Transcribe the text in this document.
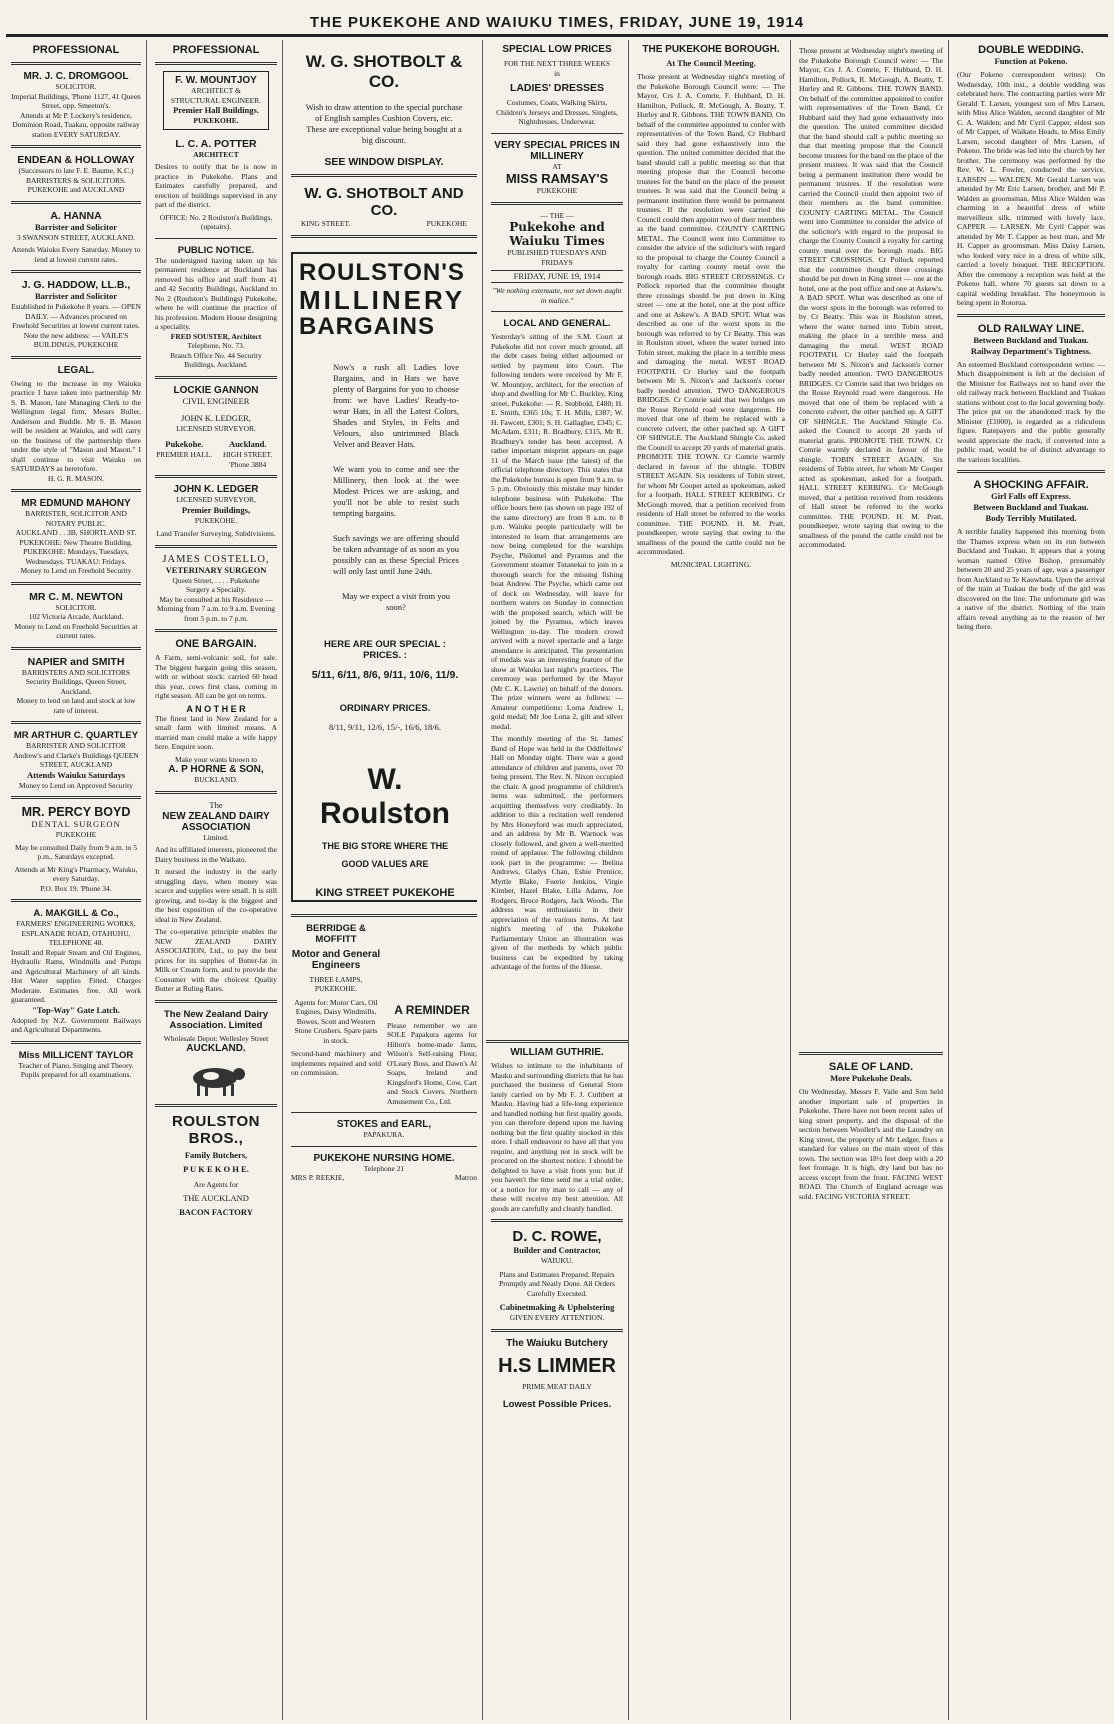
THE PUKEKOHE AND WAIUKU TIMES, FRIDAY, JUNE 19, 1914
PROFESSIONAL
MR. J. C. DROMGOOL
SOLICITOR.
Imperial Buildings, 'Phone 1127, 41 Queen Street, opp. Smeeton's.
Attends at Mr P. Lockery's residence, Dominion Road, Tuakau, opposite railway station EVERY SATURDAY.
ENDEAN & HOLLOWAY
(Successors to late F. E. Baume, K.C.)
BARRISTERS & SOLICITORS.
PUKEKOHE and AUCKLAND
A. HANNA
Barrister and Solicitor
3 SWANSON STREET, AUCKLAND.
Attends Waiuku Every Saturday. Money to lend at lowest current rates.
J. G. HADDOW, LL.B.,
Barrister and Solicitor
Established in Pukekohe 8 years. — OPEN DAILY. — Advances procured on Freehold Securities at lowest current rates. Note the new address: — VAILE'S BUILDINGS, PUKEKOHE
LEGAL.
Owing to the increase in my Waiuku practice I have taken into partnership Mr S. B. Mason, late Managing Clerk to the Wellington legal firm, Messrs Buller, Anderson and Buddle. Mr S. B. Mason will be resident at Waiuku, and will carry on the business of the partnership there under the style of "Mason and Mason." I shall continue to visit Waiuku on SATURDAYS as heretofore.
H. G. R. MASON.
MR EDMUND MAHONY
BARRISTER, SOLICITOR AND NOTARY PUBLIC.
AUCKLAND . . 3B, SHORTLAND ST.
PUKEKOHE: New Theatre Building. PUKEKOHE: Mondays, Tuesdays, Wednesdays. TUAKAU: Fridays.
Money to Lend on Freehold Security
MR C. M. NEWTON
SOLICITOR.
102 Victoria Arcade, Auckland.
Money to Lend on Freehold Securities at current rates.
NAPIER and SMITH
BARRISTERS AND SOLICITORS
Security Buildings, Queen Street, Auckland.
Money to lend on land and stock at low rate of interest.
MR ARTHUR C. QUARTLEY
BARRISTER AND SOLICITOR
Andrew's and Clarke's Buildings QUEEN STREET, AUCKLAND
Attends Waiuku Saturdays
Money to Lend on Approved Security
MR. PERCY BOYD
DENTAL SURGEON
PUKEKOHE
May be consulted Daily from 9 a.m. to 5 p.m., Saturdays excepted.
Attends at Mr King's Pharmacy, Waiuku, every Saturday.
P.O. Box 19. 'Phone 34.
A. MAKGILL & Co.,
FARMERS' ENGINEERING WORKS, ESPLANADE ROAD, OTAHUHU, TELEPHONE 48.
Install and Repair Steam and Oil Engines, Hydraulic Rams, Windmills and Pumps and Agricultural Machinery of all kinds. Hot Water supplies Fitted. Charges Moderate. Estimates free. All work guaranteed.
"Top-Way" Gate Latch.
Adopted by N.Z. Government Railways and Agricultural Departments.
Miss MILLICENT TAYLOR
Teacher of Piano, Singing and Theory. Pupils prepared for all examinations.
PROFESSIONAL
F. W. MOUNTJOY
ARCHITECT & STRUCTURAL ENGINEER.
Premier Hall Buildings.
PUKEKOHE.
L. C. A. POTTER
ARCHITECT
Desires to notify that he is now in practice in Pukekohe. Plans and Estimates carefully prepared, and erection of buildings supervised in any part of the district.
OFFICE: No. 2 Roulston's Buildings, (upstairs).
PUBLIC NOTICE.
The undersigned having taken up his permanent residence at Buckland has removed his office and staff from 41 and 42 Security Buildings, Auckland to No 2 (Roulston's Buildings) Pukekohe, where he will continue the practice of his profession. Modern House designing a speciality.
FRED SOUSTER, Architect
Telephone, No. 73.
Branch Office No. 44 Security Buildings, Auckland.
LOCKIE GANNON
CIVIL ENGINEER
JOHN K. LEDGER,
LICENSED SURVEYOR.
Pukekohe.
PREMIER HALL.
Auckland.
HIGH STREET. 'Phone 3884
JOHN K. LEDGER
LICENSED SURVEYOR,
Premier Buildings,
PUKEKOHE.
Land Transfer Surveying, Subdivisions.
JAMES COSTELLO,
VETERINARY SURGEON
Queen Street, . . . . Pukekohe
Surgery a Specialty.
May be consulted at his Residence — Morning from 7 a.m. to 9 a.m. Evening from 5 p.m. to 7 p.m.
ONE BARGAIN.
A Farm, semi-volcanic soil, for sale. The biggest bargain going this season, with or without stock: carried 60 head this year, cows first class, coming in right season. All can be got on terms.
A N O T H E R
The finest land in New Zealand for a small farm with limited means. A married man could make a wife happy here. Enquire soon.
Make your wants known to
A. P HORNE & SON,
BUCKLAND.
The
NEW ZEALAND DAIRY ASSOCIATION
Limited.
And its affiliated interests, pioneered the Dairy business in the Waikato.
It nursed the industry in the early struggling days, when money was scarce and supplies were small. It is still growing, and to-day is the biggest and the best exposition of the co-operative ideal in New Zealand.
The co-operative principle enables the NEW ZEALAND DAIRY ASSOCIATION, Ltd., to pay the best prices for its supplies of Butter-fat in Milk or Cream form, and to provide the Consumer with the choicest Quality Butter at Ruling Rates.
The New Zealand Dairy Association. Limited
Wholesale Depot: Wellesley Street
AUCKLAND.
ROULSTON BROS.,
Family Butchers,
P U K E K O H E.
Are Agents for
THE AUCKLAND
BACON FACTORY
W. G. SHOTBOLT & CO.
Wish to draw attention to the special purchase of English samples Cushion Covers, etc. These are exceptional value being bought at a big discount.
SEE WINDOW DISPLAY.
W. G. SHOTBOLT AND CO.
KING STREET.	PUKEKOHE
ROULSTON'S
MILLINERY
BARGAINS
Now's a rush all Ladies love Bargains, and in Hats we have plenty of Bargains for you to choose from: we have Ladies' Ready-to-wear Hats, in all the Latest Colors, Shades and Styles, in Felts and Velours, also untrimmed Black Velvet and Beaver Hats.
We want you to come and see the Millinery, then look at the wee Modest Prices we are asking, and you'll not be able to resist such tempting bargains.
Such savings we are offering should be taken advantage of as soon as you possibly can as these Special Prices will only last until June 24th.
May we expect a visit from you soon?
HERE ARE OUR SPECIAL : PRICES. :
5/11, 6/11, 8/6, 9/11, 10/6, 11/9.
ORDINARY PRICES.
8/11, 9/11, 12/6, 15/-, 16/6, 18/6.
W. Roulston
THE BIG STORE WHERE THE
GOOD VALUES ARE
KING STREET PUKEKOHE
BERRIDGE & MOFFITT
Motor and General Engineers
THREE LAMPS, PUKEKOHE.
Agents for: Motor Cars, Oil Engines, Daisy Windmills, Bowes, Scott and Western Stone Crushers. Spare parts in stock.
Second-hand machinery and implements repaired and sold on commission.
A REMINDER
Please remember we are SOLE Papakura agents for Hilton's home-made Jams, Wilson's Self-raising Flour, O'Leary Boss, and Dawn's Al Soaps, Ireland and Kingsford's Home, Cow, Cart and Stock Covers. Northern Amusement Co., Ltd.
STOKES and EARL,
PAPAKURA.
PUKEKOHE NURSING HOME.
Telephone 21
MRS P. REEKIE,	Matron
SPECIAL LOW PRICES
FOR THE NEXT THREE WEEKS
in
LADIES' DRESSES
Costumes, Coats, Walking Skirts, Children's Jerseys and Dresses, Singlets, Nightdresses, Underwear.
VERY SPECIAL PRICES IN MILLINERY
AT
MISS RAMSAY'S
PUKEKOHE
— THE —
Pukekohe and Waiuku Times
PUBLISHED TUESDAYS AND FRIDAYS
FRIDAY, JUNE 19, 1914
"We nothing extenuate, nor set down aught in malice."
LOCAL AND GENERAL.
Yesterday's sitting of the S.M. Court at Pukekohe did not cover much ground, all the debt cases being either adjourned or settled by payment into Court. The following tenders were received by Mr F. W. Mountjoy, architect, for the erection of shop and dwelling for Mr C. Buckley, King street, Pukekohe: — R. Stobbold, £480; H. E. Smith, £365 10s; T. H. Mills, £387; W. H. Fawcett, £301; S. H. Gallagher, £345; C. McAdam, £311; R. Bradbury, £315, Mr R. Bradbury's tender has been accepted. A rather important misprint appears on page 11 of the March issue (the latest) of the official telephone directory. This states that the Pukekohe bureau is open from 9 a.m. to 5 p.m. Obviously this mistake may hinder telephone business with Pukekohe. The office hours here (as shown on page 192 of the same directory) are from 8 a.m. to 8 p.m. Waiuku people particularly will be interested to learn that arrangements are now being completed for the warships Psyche, Philomel and Pyramus and the Government steamer Tutanekai to join in a thorough search for the missing fishing boat Andrew. The Psyche, which came out of dock on Wednesday, will leave for northern waters on Sunday in connection with the proposed search, which will be joined by the Pyramus, which leaves Wellington to-day. The modern crowd arrived with a novel spectacle and a large attendance is anticipated. The presentation of medals was an interesting feature of the show at Waiuku last night's practices. The ceremony was performed by the Mayor (Mr C. K. Lawrie) on behalf of the donors. The prize winners were as follows: — Amateur competitions: Lorna Andrew 1, gold medal; Mr Joe Lotta 2, gilt and silver medal.
The monthly meeting of the St. James' Band of Hope was held in the Oddfellows' Hall on Monday night. There was a good attendance of children and parents, over 70 being present. The Rev. N. Nixon occupied the chair. A good programme of children's items was submitted, the performers acquitting themselves very creditably. In addition to this a recitation well rendered by Mrs Honeyford was much appreciated, and an address by Mr B. Warnock was closely followed, and given a well-merited round of applause. The following children took part in the programme: — Ibelina Andrews, Gladys Chan, Eshie Prentice, Myrtle Blake, Fuerie Jenkins, Virgie Kimber, Hazel Blake, Lilla Adams, Joe Rodgers, Bruce Rodgers, Jack Woods. The address was enthusiastic in their appreciation of the various items. At last night's meeting of the Pukekohe Parliamentary Union an illustration was given of the methods by which public business can be expedited by taking advantage of the forms of the House.
WILLIAM GUTHRIE.
Wishes to intimate to the inhabitants of Mauku and surrounding districts that he has purchased the business of General Store lately carried on by Mr F. J. Cuthbert at Mauku. Having had a life-long experience and handled nothing but first quality goods, you can therefore depend upon me having nothing but the first quality stocked in this store. I shall endeavour to have all that you require, and anything not in stock will be procured on the shortest notice. I should be delighted to have a visit from you: but if you haven't the time send me a trial order, or a notice for my man to call — any of these will receive my best attention. All goods are carefully and cleanly handled.
D. C. ROWE,
Builder and Contractor,
WAIUKU.
Plans and Estimates Prepared. Repairs Promptly and Neatly Done. All Orders Carefully Executed.
Cabinetmaking & Upholstering
GIVEN EVERY ATTENTION.
The Waiuku Butchery
H.S LIMMER
PRIME MEAT DAILY
Lowest Possible Prices.
THE PUKEKOHE BOROUGH.
At The Council Meeting.
Those present at Wednesday night's meeting of the Pukekohe Borough Council were: — The Mayor, Crs J. A. Comrie, F. Hubbard, D. H. Hamilton, Pollock, R. McGough, A. Beatty, T. Hurley and R. Gibbons. THE TOWN BAND. On behalf of the committee appointed to confer with representatives of the Town Band, Cr Hubbard said they had gone exhaustively into the question. The united committee decided that the band should call a public meeting so that that meeting propose that the Council become trustees for the band on the place of the present trustees. It was said that the Council being a permanent institution there would be permanent trustees. If the resolution were carried the Council could then appoint two of their members as the band committee. COUNTY CARTING METAL. The Council went into Committee to consider the advice of the solicitor's with regard to the proposal to charge the County Council a royalty for carting county metal over the borough roads. BIG STREET CROSSINGS. Cr Pollock reported that the committee thought three crossings should be put down in King street — one at the hotel, one at the post office and one at Askew's. A BAD SPOT. What was described as one of the worst spots in the borough was referred to by Cr Beatty. This was in Roulston street, where the water turned into Tobin street, making the place in a terrible mess and damaging the metal. WEST ROAD FOOTPATH. Cr Hurley said the footpath between Mr S. Nixon's and Jackson's corner badly needed attention. TWO DANGEROUS BRIDGES. Cr Comrie said that two bridges on the Rosse Reynold road were dangerous. He moved that one of them be replaced with a concrete culvert, the other patched up. A GIFT OF SHINGLE. The Auckland Shingle Co. asked the Council to accept 20 yards of material gratis. PROMOTE THE TOWN. Cr Comrie warmly declared in favour of the shingle. TOBIN STREET AGAIN. Six residents of Tobin street, for whom Mr Cooper acted as spokesman, asked for a footpath. HALL STREET KERBING. Cr McGough moved, that a petition received from residents of Hall street be referred to the works committee. THE POUND. H. M. Pratt, poundkeeper, wrote saying that owing to the smallness of the pound the cattle could not be accommodated.
MUNICIPAL LIGHTING.
DOUBLE WEDDING.
Function at Pokeno.
(Our Pokeno correspondent writes): On Wednesday, 10th inst., a double wedding was celebrated here. The contracting parties were Mr Gerald T. Larsen, youngest son of Mrs Larsen, with Miss Alice Walden, second daughter of Mr C. A. Walden; and Mr Cyril Capper, eldest son of Mr Capper, of Waikato Heads, to Miss Emily Larsen, second daughter of Mrs Larsen, of Pokeno. The bride was led into the church by her brother. The ceremony was performed by the Rev. W. L. Fowler, conducted the service. LARSEN — WALDEN. Mr Gerald Larsen was attended by Mr Eric Larsen, brother, and Mr P. Walden as groomsman. Miss Alice Walden was charming in a beautiful dress of white merveilleux silk, trimmed with lovely lace. CAPPER — LARSEN. Mr Cyril Capper was attended by Mr T. Capper as best man, and Mr H. Capper as groomsman. Miss Daisy Larsen, who looked very nice in a dress of white silk, carried a lovely bouquet. THE RECEPTION. After the ceremony a reception was held at the Pokeno hall, where 70 guests sat down to a capital wedding breakfast. The honeymoon is being spent in Rotorua.
OLD RAILWAY LINE.
Between Buckland and Tuakau.
Railway Department's Tightness.
An esteemed Buckland correspondent writes: — Much disappointment is felt at the decision of the Minister for Railways not to hand over the old railway track between Buckland and Tuakau stations without cost to the local governing body. The price put on the abandoned track by the Minister (£1000), is regarded as a ridiculous figure. Ratepayers and the public generally would appreciate the track, if converted into a public road, would be of distinct advantage to the various localities.
A SHOCKING AFFAIR.
Girl Falls off Express.
Between Buckland and Tuakau.
Body Terribly Mutilated.
A terrible fatality happened this morning from the Thames express when on its run between Buckland and Tuakau. It appears that a young woman named Olive Bishop, presumably between 20 and 25 years of age, was a passenger from Auckland to Te Kauwhata. Upon the arrival of the train at Tuakau the body of the girl was discovered on the line. The unfortunate girl was a native of the district. Nothing of the train affairs reveal anything as to the reason of her being there.
Those present at Wednesday night's meeting of the Pukekohe Borough Council were: — The Mayor, Crs J. A. Comrie, F. Hubbard, D. H. Hamilton, Pollock, R. McGough, A. Beatty, T. Hurley and R. Gibbons. THE TOWN BAND. On behalf of the committee appointed to confer with representatives of the Town Band, Cr Hubbard said they had gone exhaustively into the question. The united committee decided that the band should call a public meeting so that that meeting propose that the Council become trustees for the band on the place of the present trustees. It was said that the Council being a permanent institution there would be permanent trustees. If the resolution were carried the Council could then appoint two of their members as the band committee. COUNTY CARTING METAL. The Council went into Committee to consider the advice of the solicitor's with regard to the proposal to charge the County Council a royalty for carting county metal over the borough roads. BIG STREET CROSSINGS. Cr Pollock reported that the committee thought three crossings should be put down in King street — one at the hotel, one at the post office and one at Askew's. A BAD SPOT. What was described as one of the worst spots in the borough was referred to by Cr Beatty. This was in Roulston street, where the water turned into Tobin street, making the place in a terrible mess and damaging the metal. WEST ROAD FOOTPATH. Cr Hurley said the footpath between Mr S. Nixon's and Jackson's corner badly needed attention. TWO DANGEROUS BRIDGES. Cr Comrie said that two bridges on the Rosse Reynold road were dangerous. He moved that one of them be replaced with a concrete culvert, the other patched up. A GIFT OF SHINGLE. The Auckland Shingle Co. asked the Council to accept 20 yards of material gratis. PROMOTE THE TOWN. Cr Comrie warmly declared in favour of the shingle. TOBIN STREET AGAIN. Six residents of Tobin street, for whom Mr Cooper acted as spokesman, asked for a footpath. HALL STREET KERBING. Cr McGough moved, that a petition received from residents of Hall street be referred to the works committee. THE POUND. H. M. Pratt, poundkeeper, wrote saying that owing to the smallness of the pound the cattle could not be accommodated.
SALE OF LAND.
More Pukekohe Deals.
On Wednesday, Messrs F. Vaile and Son held another important sale of properties in Pukekohe. There have not been recent sales of king street property, and the disposal of the section between Woollett's and the Laundry on King street, the property of Mr Ledger, fixes a standard for values on the main street of this town. The section was 18½ feet deep with a 20 feet frontage. It is high, dry land but has no access except from the front. FACING WEST ROAD. The Church of England acreage was sold. FACING VICTORIA STREET.
